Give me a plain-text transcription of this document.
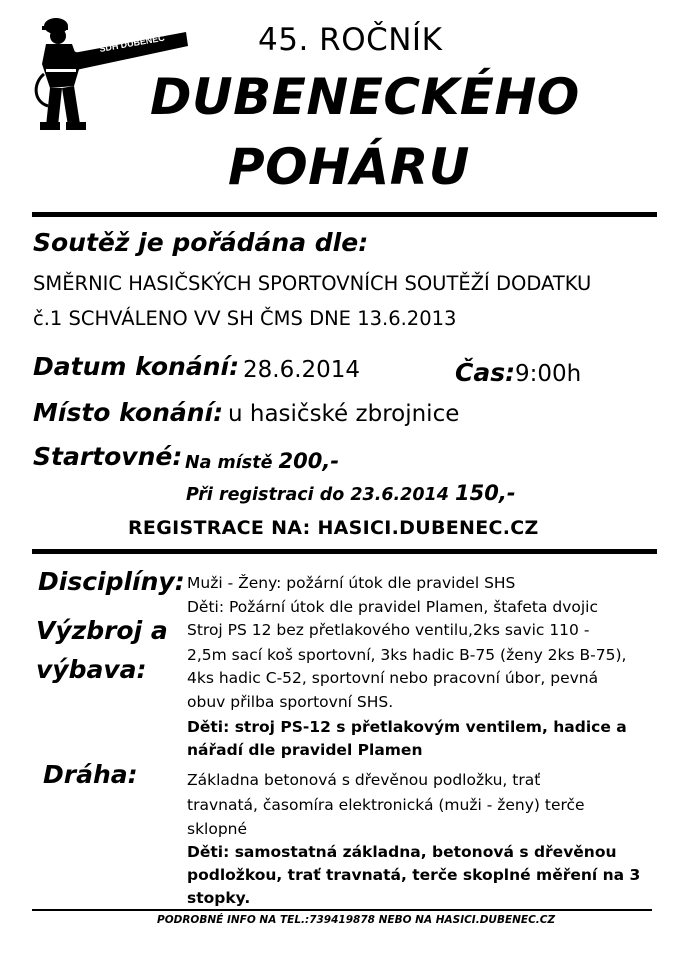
SDH DUBENEC	45. ROČNÍK
DUBENECKÉHO
POHÁRU
Soutěž je pořádána dle:
SMĚRNIC HASIČSKÝCH SPORTOVNÍCH SOUTĚŽÍ DODATKU
č.1 SCHVÁLENO VV SH ČMS DNE 13.6.2013
Datum konání: 28.6.2014	Čas: 9:00h
Místo konání: u hasičské zbrojnice
Startovné: Na místě 200,-
Při registraci do 23.6.2014 150,-
REGISTRACE NA: HASICI.DUBENEC.CZ
Disciplíny: Muži - Ženy: požární útok dle pravidel SHS
Děti: Požární útok dle pravidel Plamen, štafeta dvojic
Výzbroj a
výbava:
Stroj PS 12 bez přetlakového ventilu,2ks savic 110 -
2,5m sací koš sportovní, 3ks hadic B-75 (ženy 2ks B-75),
4ks hadic C-52, sportovní nebo pracovní úbor, pevná
obuv přilba sportovní SHS.
Děti: stroj PS-12 s přetlakovým ventilem, hadice a
nářadí dle pravidel Plamen
Dráha:	Základna betonová s dřevěnou podložku, trať
travnatá, časomíra elektronická (muži - ženy) terče
sklopné
Děti: samostatná základna, betonová s dřevěnou
podložkou, trať travnatá, terče skoplné měření na 3
stopky.
PODROBNÉ INFO NA TEL.:739419878 NEBO NA HASICI.DUBENEC.CZ
